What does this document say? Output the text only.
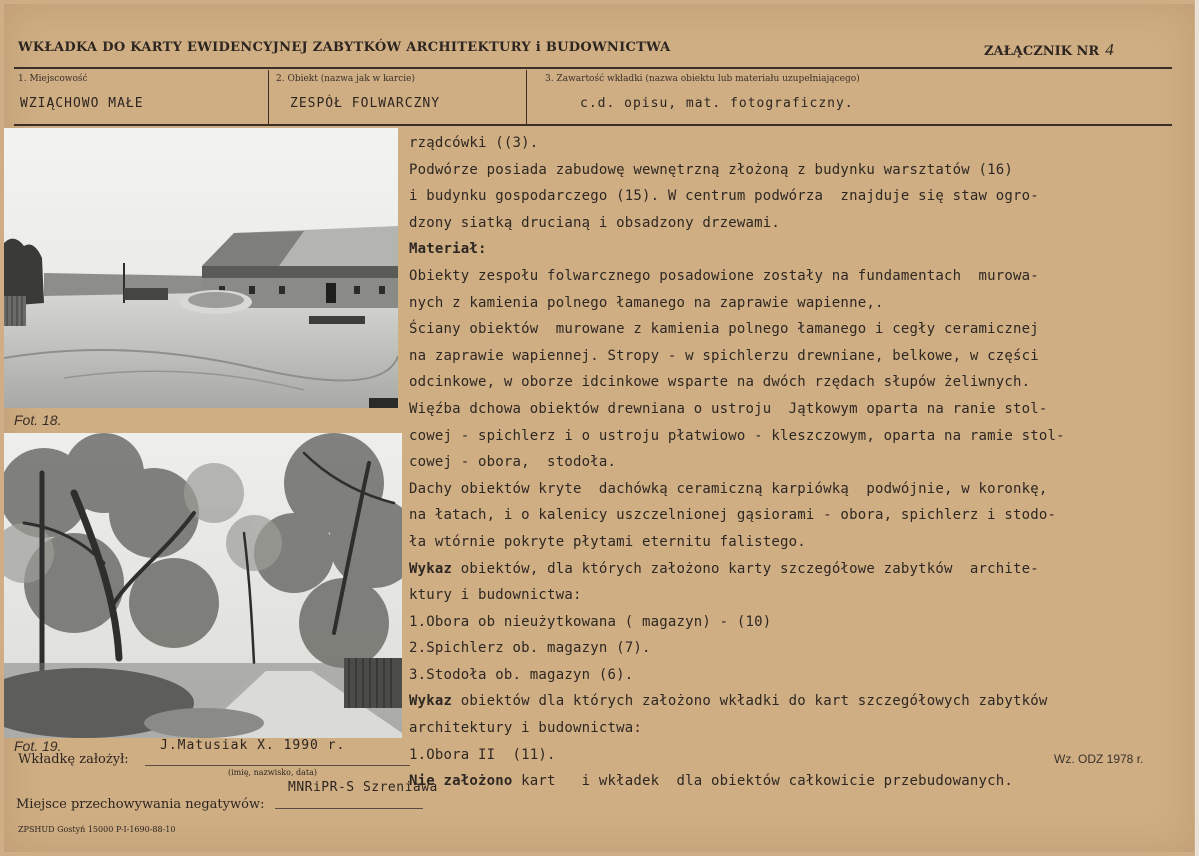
WKŁADKA DO KARTY EWIDENCYJNEJ ZABYTKÓW ARCHITEKTURY i BUDOWNICTWA	ZAŁĄCZNIK NR 4
1. Miejscowość
WZIĄCHOWO MAŁE
2. Obiekt (nazwa jak w karcie)
ZESPÓŁ FOLWARCZNY
3. Zawartość wkładki (nazwa obiektu lub materiału uzupełniającego)
c.d. opisu, mat. fotograficzny.
Fot. 18.
Fot. 19.
rządcówki ((3).
Podwórze posiada zabudowę wewnętrzną złożoną z budynku warsztatów (16)
i budynku gospodarczego (15). W centrum podwórza  znajduje się staw ogro-
dzony siatką drucianą i obsadzony drzewami.
Materiał:
Obiekty zespołu folwarcznego posadowione zostały na fundamentach  murowa-
nych z kamienia polnego łamanego na zaprawie wapienne,.
Ściany obiektów  murowane z kamienia polnego łamanego i cegły ceramicznej
na zaprawie wapiennej. Stropy - w spichlerzu drewniane, belkowe, w części
odcinkowe, w oborze idcinkowe wsparte na dwóch rzędach słupów żeliwnych.
Więźba dchowa obiektów drewniana o ustroju  Jątkowym oparta na ranie stol-
cowej - spichlerz i o ustroju płatwiowo - kleszczowym, oparta na ramie stol-
cowej - obora,  stodoła.
Dachy obiektów kryte  dachówką ceramiczną karpiówką  podwójnie, w koronkę,
na łatach, i o kalenicy uszczelnionej gąsiorami - obora, spichlerz i stodo-
ła wtórnie pokryte płytami eternitu falistego.
Wykaz obiektów, dla których założono karty szczegółowe zabytków  archite-
ktury i budownictwa:
1.Obora ob nieużytkowana ( magazyn) - (10)
2.Spichlerz ob. magazyn (7).
3.Stodoła ob. magazyn (6).
Wykaz obiektów dla których założono wkładki do kart szczegółowych zabytków
architektury i budownictwa:
1.Obora II  (11).
Nie założono kart   i wkładek  dla obiektów całkowicie przebudowanych.
J.Matusiak X. 1990 r.
Wkładkę założył:
(imię, nazwisko, data)
MNRiPR-S Szreniawa
Miejsce przechowywania negatywów:
Wz. ODZ 1978 r.
ZPSHUD Gostyń 15000 P-I-1690-88-10
